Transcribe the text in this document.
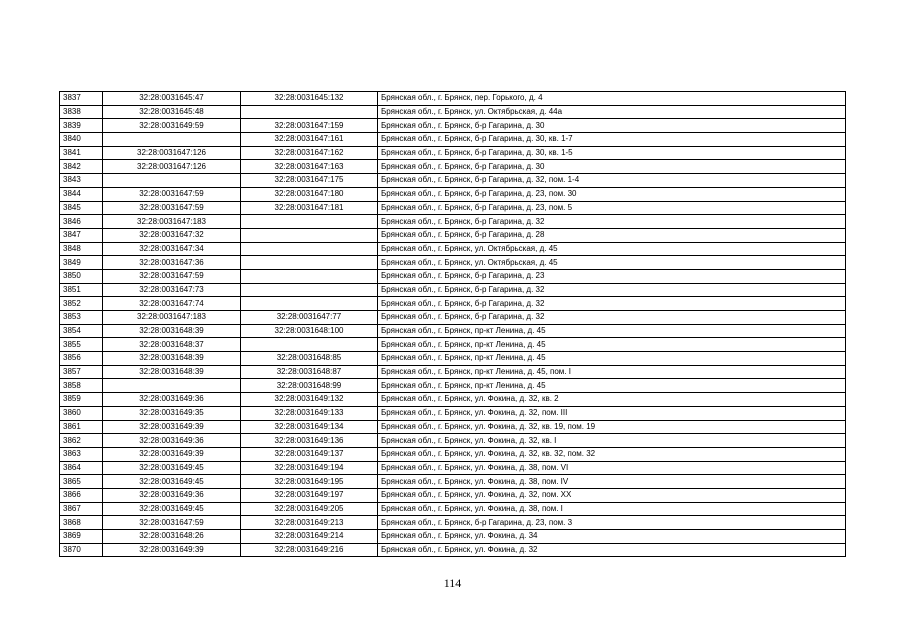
3837	32:28:0031645:47	32:28:0031645:132	Брянская обл., г. Брянск, пер. Горького, д. 4
3838	32:28:0031645:48		Брянская обл., г. Брянск, ул. Октябрьская, д. 44а
3839	32:28:0031649:59	32:28:0031647:159	Брянская обл., г. Брянск, б-р Гагарина, д. 30
3840		32:28:0031647:161	Брянская обл., г. Брянск, б-р Гагарина, д. 30, кв. 1-7
3841	32:28:0031647:126	32:28:0031647:162	Брянская обл., г. Брянск, б-р Гагарина, д. 30, кв. 1-5
3842	32:28:0031647:126	32:28:0031647:163	Брянская обл., г. Брянск, б-р Гагарина, д. 30
3843		32:28:0031647:175	Брянская обл., г. Брянск, б-р Гагарина, д. 32, пом. 1-4
3844	32:28:0031647:59	32:28:0031647:180	Брянская обл., г. Брянск, б-р Гагарина, д. 23, пом. 30
3845	32:28:0031647:59	32:28:0031647:181	Брянская обл., г. Брянск, б-р Гагарина, д. 23, пом. 5
3846	32:28:0031647:183		Брянская обл., г. Брянск, б-р Гагарина, д. 32
3847	32:28:0031647:32		Брянская обл., г. Брянск, б-р Гагарина, д. 28
3848	32:28:0031647:34		Брянская обл., г. Брянск, ул. Октябрьская, д. 45
3849	32:28:0031647:36		Брянская обл., г. Брянск, ул. Октябрьская, д. 45
3850	32:28:0031647:59		Брянская обл., г. Брянск, б-р Гагарина, д. 23
3851	32:28:0031647:73		Брянская обл., г. Брянск, б-р Гагарина, д. 32
3852	32:28:0031647:74		Брянская обл., г. Брянск, б-р Гагарина, д. 32
3853	32:28:0031647:183	32:28:0031647:77	Брянская обл., г. Брянск, б-р Гагарина, д. 32
3854	32:28:0031648:39	32:28:0031648:100	Брянская обл., г. Брянск, пр-кт Ленина, д. 45
3855	32:28:0031648:37		Брянская обл., г. Брянск, пр-кт Ленина, д. 45
3856	32:28:0031648:39	32:28:0031648:85	Брянская обл., г. Брянск, пр-кт Ленина, д. 45
3857	32:28:0031648:39	32:28:0031648:87	Брянская обл., г. Брянск, пр-кт Ленина, д. 45, пом. I
3858		32:28:0031648:99	Брянская обл., г. Брянск, пр-кт Ленина, д. 45
3859	32:28:0031649:36	32:28:0031649:132	Брянская обл., г. Брянск, ул. Фокина, д. 32, кв. 2
3860	32:28:0031649:35	32:28:0031649:133	Брянская обл., г. Брянск, ул. Фокина, д. 32, пом. III
3861	32:28:0031649:39	32:28:0031649:134	Брянская обл., г. Брянск, ул. Фокина, д. 32, кв. 19, пом. 19
3862	32:28:0031649:36	32:28:0031649:136	Брянская обл., г. Брянск, ул. Фокина, д. 32, кв. I
3863	32:28:0031649:39	32:28:0031649:137	Брянская обл., г. Брянск, ул. Фокина, д. 32, кв. 32, пом. 32
3864	32:28:0031649:45	32:28:0031649:194	Брянская обл., г. Брянск, ул. Фокина, д. 38, пом. VI
3865	32:28:0031649:45	32:28:0031649:195	Брянская обл., г. Брянск, ул. Фокина, д. 38, пом. IV
3866	32:28:0031649:36	32:28:0031649:197	Брянская обл., г. Брянск, ул. Фокина, д. 32, пом. XX
3867	32:28:0031649:45	32:28:0031649:205	Брянская обл., г. Брянск, ул. Фокина, д. 38, пом. I
3868	32:28:0031647:59	32:28:0031649:213	Брянская обл., г. Брянск, б-р Гагарина, д. 23, пом. 3
3869	32:28:0031648:26	32:28:0031649:214	Брянская обл., г. Брянск, ул. Фокина, д. 34
3870	32:28:0031649:39	32:28:0031649:216	Брянская обл., г. Брянск, ул. Фокина, д. 32
114
